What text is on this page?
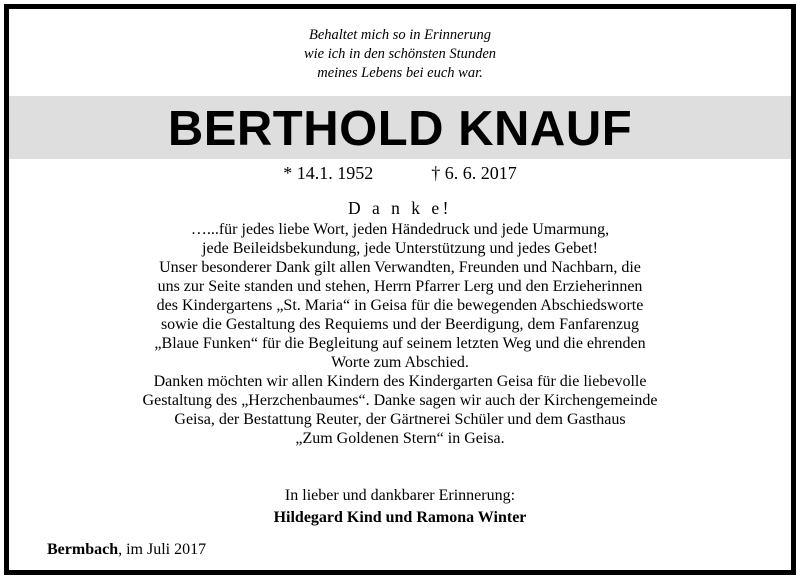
Behaltet mich so in Erinnerung
wie ich in den schönsten Stunden
meines Lebens bei euch war.
BERTHOLD KNAUF
* 14.1. 1952	† 6. 6. 2017
D a n k e!
…...für jedes liebe Wort, jeden Händedruck und jede Umarmung,
jede Beileidsbekundung, jede Unterstützung und jedes Gebet!
Unser besonderer Dank gilt allen Verwandten, Freunden und Nachbarn, die
uns zur Seite standen und stehen, Herrn Pfarrer Lerg und den Erzieherinnen
des Kindergartens „St. Maria“ in Geisa für die bewegenden Abschiedsworte
sowie die Gestaltung des Requiems und der Beerdigung, dem Fanfarenzug
„Blaue Funken“ für die Begleitung auf seinem letzten Weg und die ehrenden
Worte zum Abschied.
Danken möchten wir allen Kindern des Kindergarten Geisa für die liebevolle
Gestaltung des „Herzchenbaumes“. Danke sagen wir auch der Kirchengemeinde
Geisa, der Bestattung Reuter, der Gärtnerei Schüler und dem Gasthaus
„Zum Goldenen Stern“ in Geisa.
In lieber und dankbarer Erinnerung:
Hildegard Kind und Ramona Winter
Bermbach, im Juli 2017
